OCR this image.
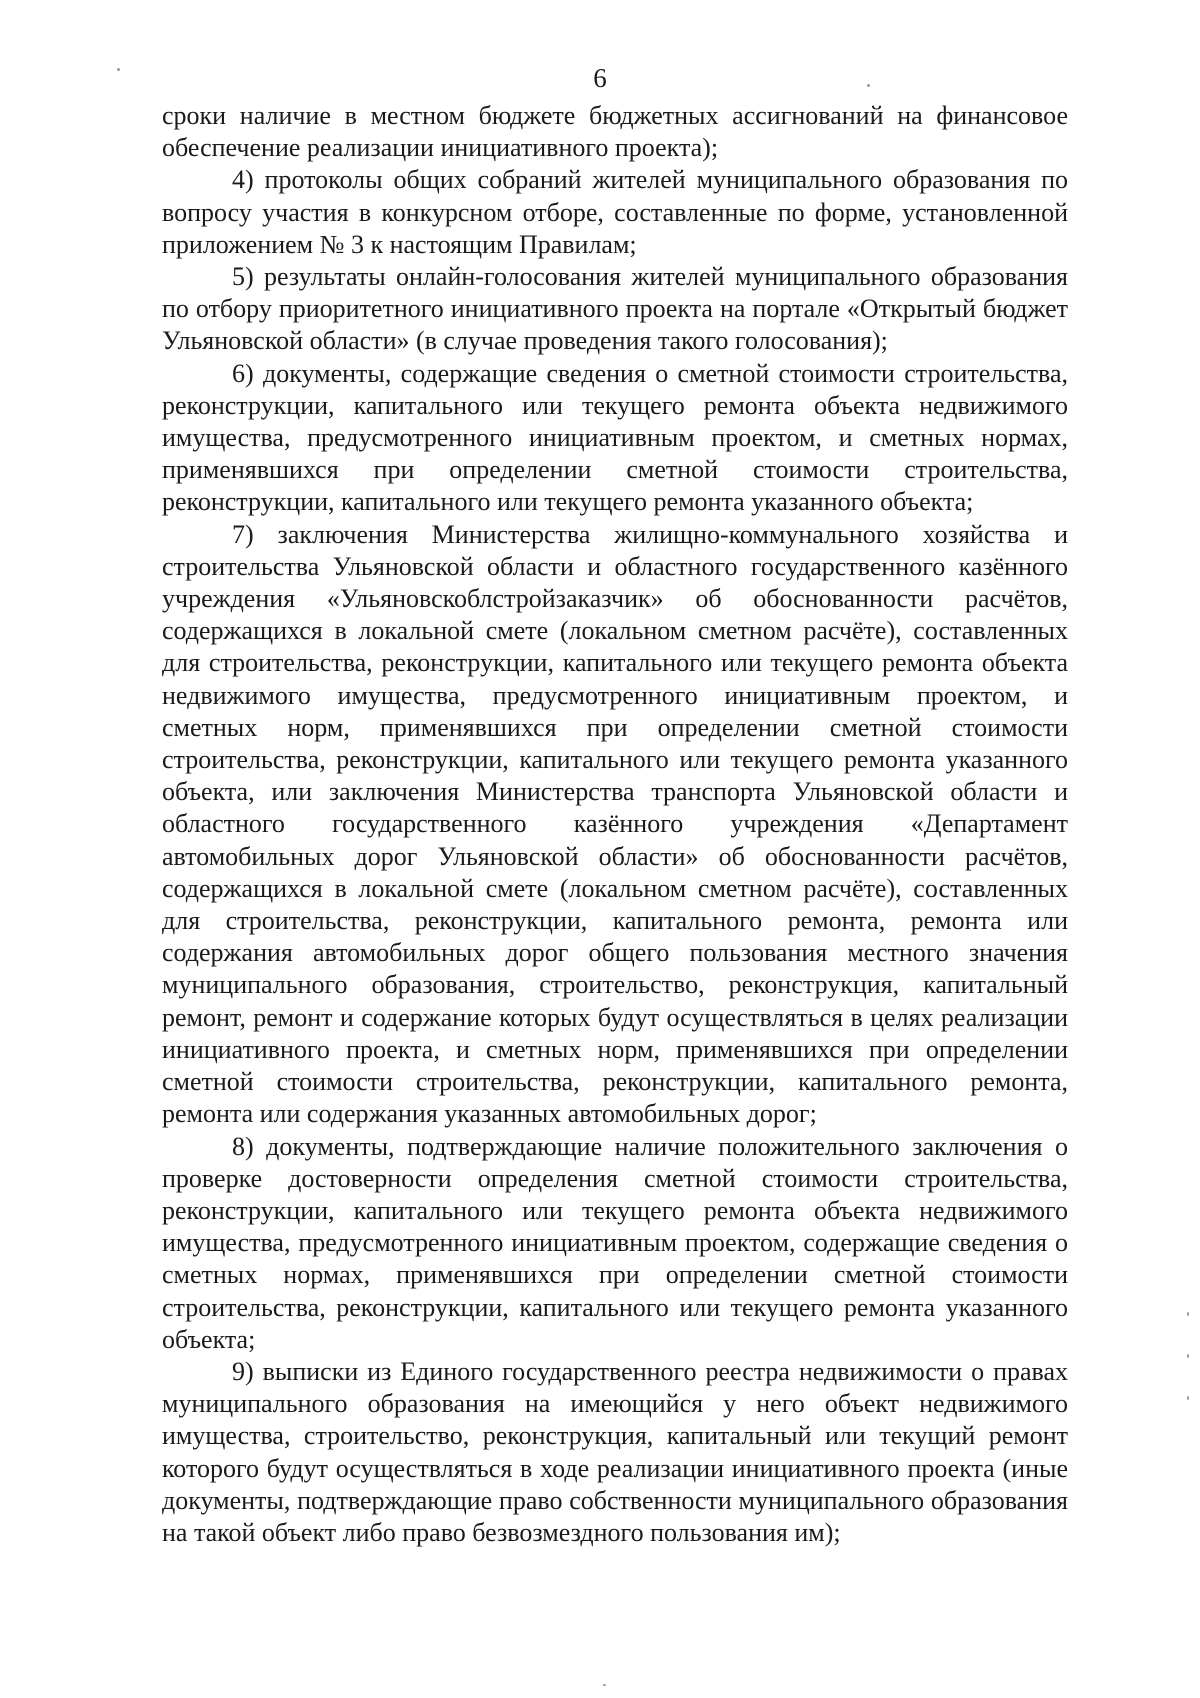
6

сроки наличие в местном бюджете бюджетных ассигнований на финансовое обеспечение реализации инициативного проекта);

4) протоколы общих собраний жителей муниципального образования по вопросу участия в конкурсном отборе, составленные по форме, установленной приложением № 3 к настоящим Правилам;

5) результаты онлайн-голосования жителей муниципального образования по отбору приоритетного инициативного проекта на портале «Открытый бюджет Ульяновской области» (в случае проведения такого голосования);

6) документы, содержащие сведения о сметной стоимости строительства, реконструкции, капитального или текущего ремонта объекта недвижимого имущества, предусмотренного инициативным проектом, и сметных нормах, применявшихся при определении сметной стоимости строительства, реконструкции, капитального или текущего ремонта указанного объекта;

7) заключения Министерства жилищно-коммунального хозяйства и строительства Ульяновской области и областного государственного казённого учреждения «Ульяновскоблстройзаказчик» об обоснованности расчётов, содержащихся в локальной смете (локальном сметном расчёте), составленных для строительства, реконструкции, капитального или текущего ремонта объекта недвижимого имущества, предусмотренного инициативным проектом, и сметных норм, применявшихся при определении сметной стоимости строительства, реконструкции, капитального или текущего ремонта указанного объекта, или заключения Министерства транспорта Ульяновской области и областного государственного казённого учреждения «Департамент автомобильных дорог Ульяновской области» об обоснованности расчётов, содержащихся в локальной смете (локальном сметном расчёте), составленных для строительства, реконструкции, капитального ремонта, ремонта или содержания автомобильных дорог общего пользования местного значения муниципального образования, строительство, реконструкция, капитальный ремонт, ремонт и содержание которых будут осуществляться в целях реализации инициативного проекта, и сметных норм, применявшихся при определении сметной стоимости строительства, реконструкции, капитального ремонта, ремонта или содержания указанных автомобильных дорог;

8) документы, подтверждающие наличие положительного заключения о проверке достоверности определения сметной стоимости строительства, реконструкции, капитального или текущего ремонта объекта недвижимого имущества, предусмотренного инициативным проектом, содержащие сведения о сметных нормах, применявшихся при определении сметной стоимости строительства, реконструкции, капитального или текущего ремонта указанного объекта;

9) выписки из Единого государственного реестра недвижимости о правах муниципального образования на имеющийся у него объект недвижимого имущества, строительство, реконструкция, капитальный или текущий ремонт которого будут осуществляться в ходе реализации инициативного проекта (иные документы, подтверждающие право собственности муниципального образования на такой объект либо право безвозмездного пользования им);
